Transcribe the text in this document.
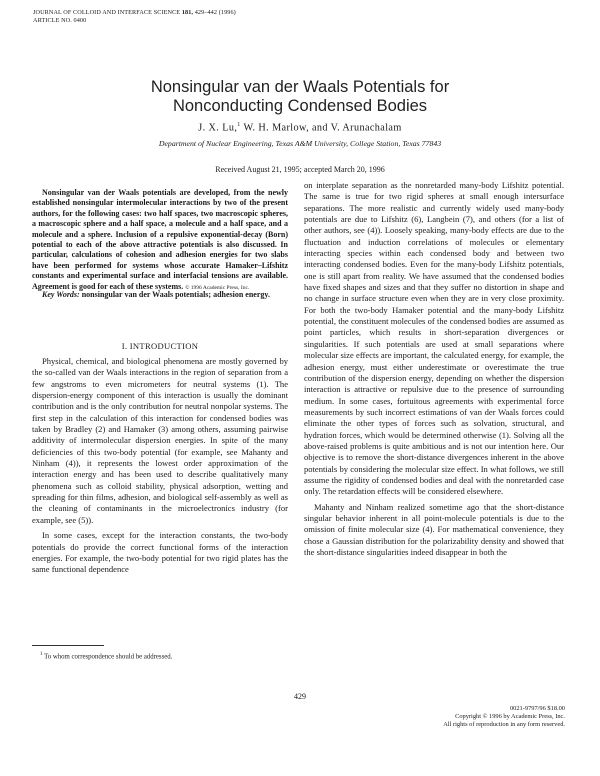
JOURNAL OF COLLOID AND INTERFACE SCIENCE 181, 429–442 (1996)
ARTICLE NO. 0400
Nonsingular van der Waals Potentials for
Nonconducting Condensed Bodies
J. X. Lu,$^1$ W. H. Marlow, and V. Arunachalam
Department of Nuclear Engineering, Texas A&M University, College Station, Texas 77843
Received August 21, 1995; accepted March 20, 1996
Nonsingular van der Waals potentials are developed, from the newly established nonsingular intermolecular interactions by two of the present authors, for the following cases: two half spaces, two macroscopic spheres, a macroscopic sphere and a half space, a molecule and a half space, and a molecule and a sphere. Inclusion of a repulsive exponential-decay (Born) potential to each of the above attractive potentials is also discussed. In particular, calculations of cohesion and adhesion energies for two slabs have been performed for systems whose accurate Hamaker–Lifshitz constants and experimental surface and interfacial tensions are available. Agreement is good for each of these systems. © 1996 Academic Press, Inc.
Key Words: nonsingular van der Waals potentials; adhesion energy.
I. INTRODUCTION

Physical, chemical, and biological phenomena are mostly governed by the so-called van der Waals interactions in the region of separation from a few angstroms to even micrometers for neutral systems (1). The dispersion-energy component of this interaction is usually the dominant contribution and is the only contribution for neutral nonpolar systems. The first step in the calculation of this interaction for condensed bodies was taken by Bradley (2) and Hamaker (3) among others, assuming pairwise additivity of intermolecular dispersion energies. In spite of the many deficiencies of this two-body potential (for example, see Mahanty and Ninham (4)), it represents the lowest order approximation of the interaction energy and has been used to describe qualitatively many phenomena such as colloid stability, physical adsorption, wetting and spreading for thin films, adhesion, and biological self-assembly as well as the cleaning of contaminants in the microelectronics industry (for example, see (5)).

In some cases, except for the interaction constants, the two-body potentials do provide the correct functional forms of the interaction energies. For example, the two-body potential for two rigid plates has the same functional dependence

on interplate separation as the nonretarded many-body Lifshitz potential. The same is true for two rigid spheres at small enough intersurface separations. The more realistic and currently widely used many-body potentials are due to Lifshitz (6), Langbein (7), and others (for a list of other authors, see (4)). Loosely speaking, many-body effects are due to the fluctuation and induction correlations of molecules or elementary interacting species within each condensed body and between two interacting condensed bodies. Even for the many-body Lifshitz potentials, one is still apart from reality. We have assumed that the condensed bodies have fixed shapes and sizes and that they suffer no distortion in shape and no change in surface structure even when they are in very close proximity. For both the two-body Hamaker potential and the many-body Lifshitz potential, the constituent molecules of the condensed bodies are assumed as point particles, which results in short-separation divergences or singularities. If such potentials are used at small separations where molecular size effects are important, the calculated energy, for example, the adhesion energy, must either underestimate or overestimate the true contribution of the dispersion energy, depending on whether the dispersion interaction is attractive or repulsive due to the presence of surrounding medium. In some cases, fortuitous agreements with experimental force measurements by such incorrect estimations of van der Waals forces could eliminate the other types of forces such as solvation, structural, and hydration forces, which would be determined otherwise (1). Solving all the above-raised problems is quite ambitious and is not our intention here. Our objective is to remove the short-distance divergences inherent in the above potentials by considering the molecular size effect. In what follows, we still assume the rigidity of condensed bodies and deal with the nonretarded case only. The retardation effects will be considered elsewhere.

Mahanty and Ninham realized sometime ago that the short-distance singular behavior inherent in all point-molecule potentials is due to the omission of finite molecular size (4). For mathematical convenience, they chose a Gaussian distribution for the polarizability density and showed that the short-distance singularities indeed disappear in both the

$^1$ To whom correspondence should be addressed.
429
0021-9797/96 $18.00
Copyright © 1996 by Academic Press, Inc.
All rights of reproduction in any form reserved.
